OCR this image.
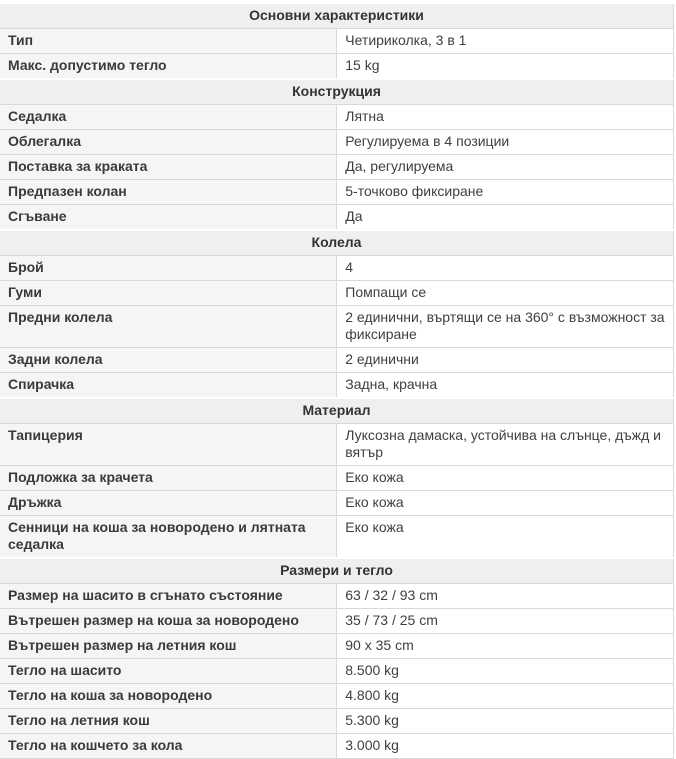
Основни характеристики	
Тип	Четириколка, 3 в 1
Макс. допустимо тегло	15 kg
Конструкция	
Седалка	Лятна
Облегалка	Регулируема в 4 позиции
Поставка за краката	Да, регулируема
Предпазен колан	5-точково фиксиране
Сгъване	Да
Колела	
Брой	4
Гуми	Помпащи се
Предни колела	2 единични, въртящи се на 360° с възможност за фиксиране
Задни колела	2 единични
Спирачка	Задна, крачна
Материал	
Тапицерия	Луксозна дамаска, устойчива на слънце, дъжд и вятър
Подложка за крачета	Еко кожа
Дръжка	Еко кожа
Сенници на коша за новородено и лятната седалка	Еко кожа
Размери и тегло	
Размер на шасито в сгънато състояние	63 / 32 / 93 cm
Вътрешен размер на коша за новородено	35 / 73 / 25 cm
Вътрешен размер на летния кош	90 x 35 cm
Тегло на шасито	8.500 kg
Тегло на коша за новородено	4.800 kg
Тегло на летния кош	5.300 kg
Тегло на кошчето за кола	3.000 kg
